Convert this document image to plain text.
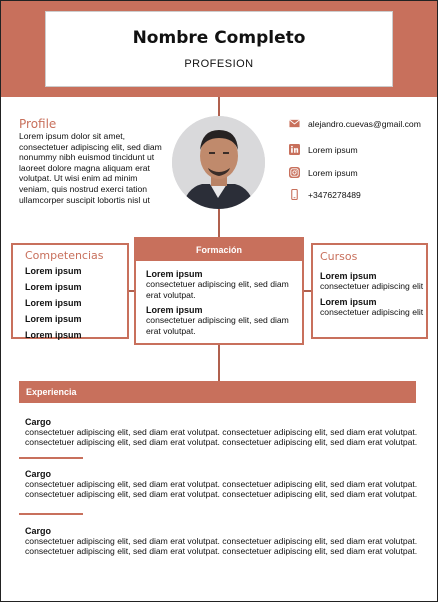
Nombre Completo
PROFESION
Profile
Lorem ipsum dolor sit amet, consectetuer adipiscing elit, sed diam nonummy nibh euismod tincidunt ut laoreet dolore magna aliquam erat volutpat. Ut wisi enim ad minim veniam, quis nostrud exerci tation ullamcorper suscipit lobortis nisl ut
alejandro.cuevas@gmail.com
Lorem ipsum
Lorem ipsum
+3476278489
Competencias
Lorem ipsum
Lorem ipsum
Lorem ipsum
Lorem ipsum
Lorem ipsum
Formación
Lorem ipsum
consectetuer adipiscing elit, sed diam erat volutpat.
Lorem ipsum
consectetuer adipiscing elit, sed diam erat volutpat.
Cursos
Lorem ipsum
consectetuer adipiscing elit
Lorem ipsum
consectetuer adipiscing elit
Experiencia
Cargo
consectetuer adipiscing elit, sed diam erat volutpat. consectetuer adipiscing elit, sed diam erat volutpat. consectetuer adipiscing elit, sed diam erat volutpat. consectetuer adipiscing elit, sed diam erat volutpat.
Cargo
consectetuer adipiscing elit, sed diam erat volutpat. consectetuer adipiscing elit, sed diam erat volutpat. consectetuer adipiscing elit, sed diam erat volutpat. consectetuer adipiscing elit, sed diam erat volutpat.
Cargo
consectetuer adipiscing elit, sed diam erat volutpat. consectetuer adipiscing elit, sed diam erat volutpat. consectetuer adipiscing elit, sed diam erat volutpat. consectetuer adipiscing elit, sed diam erat volutpat.
